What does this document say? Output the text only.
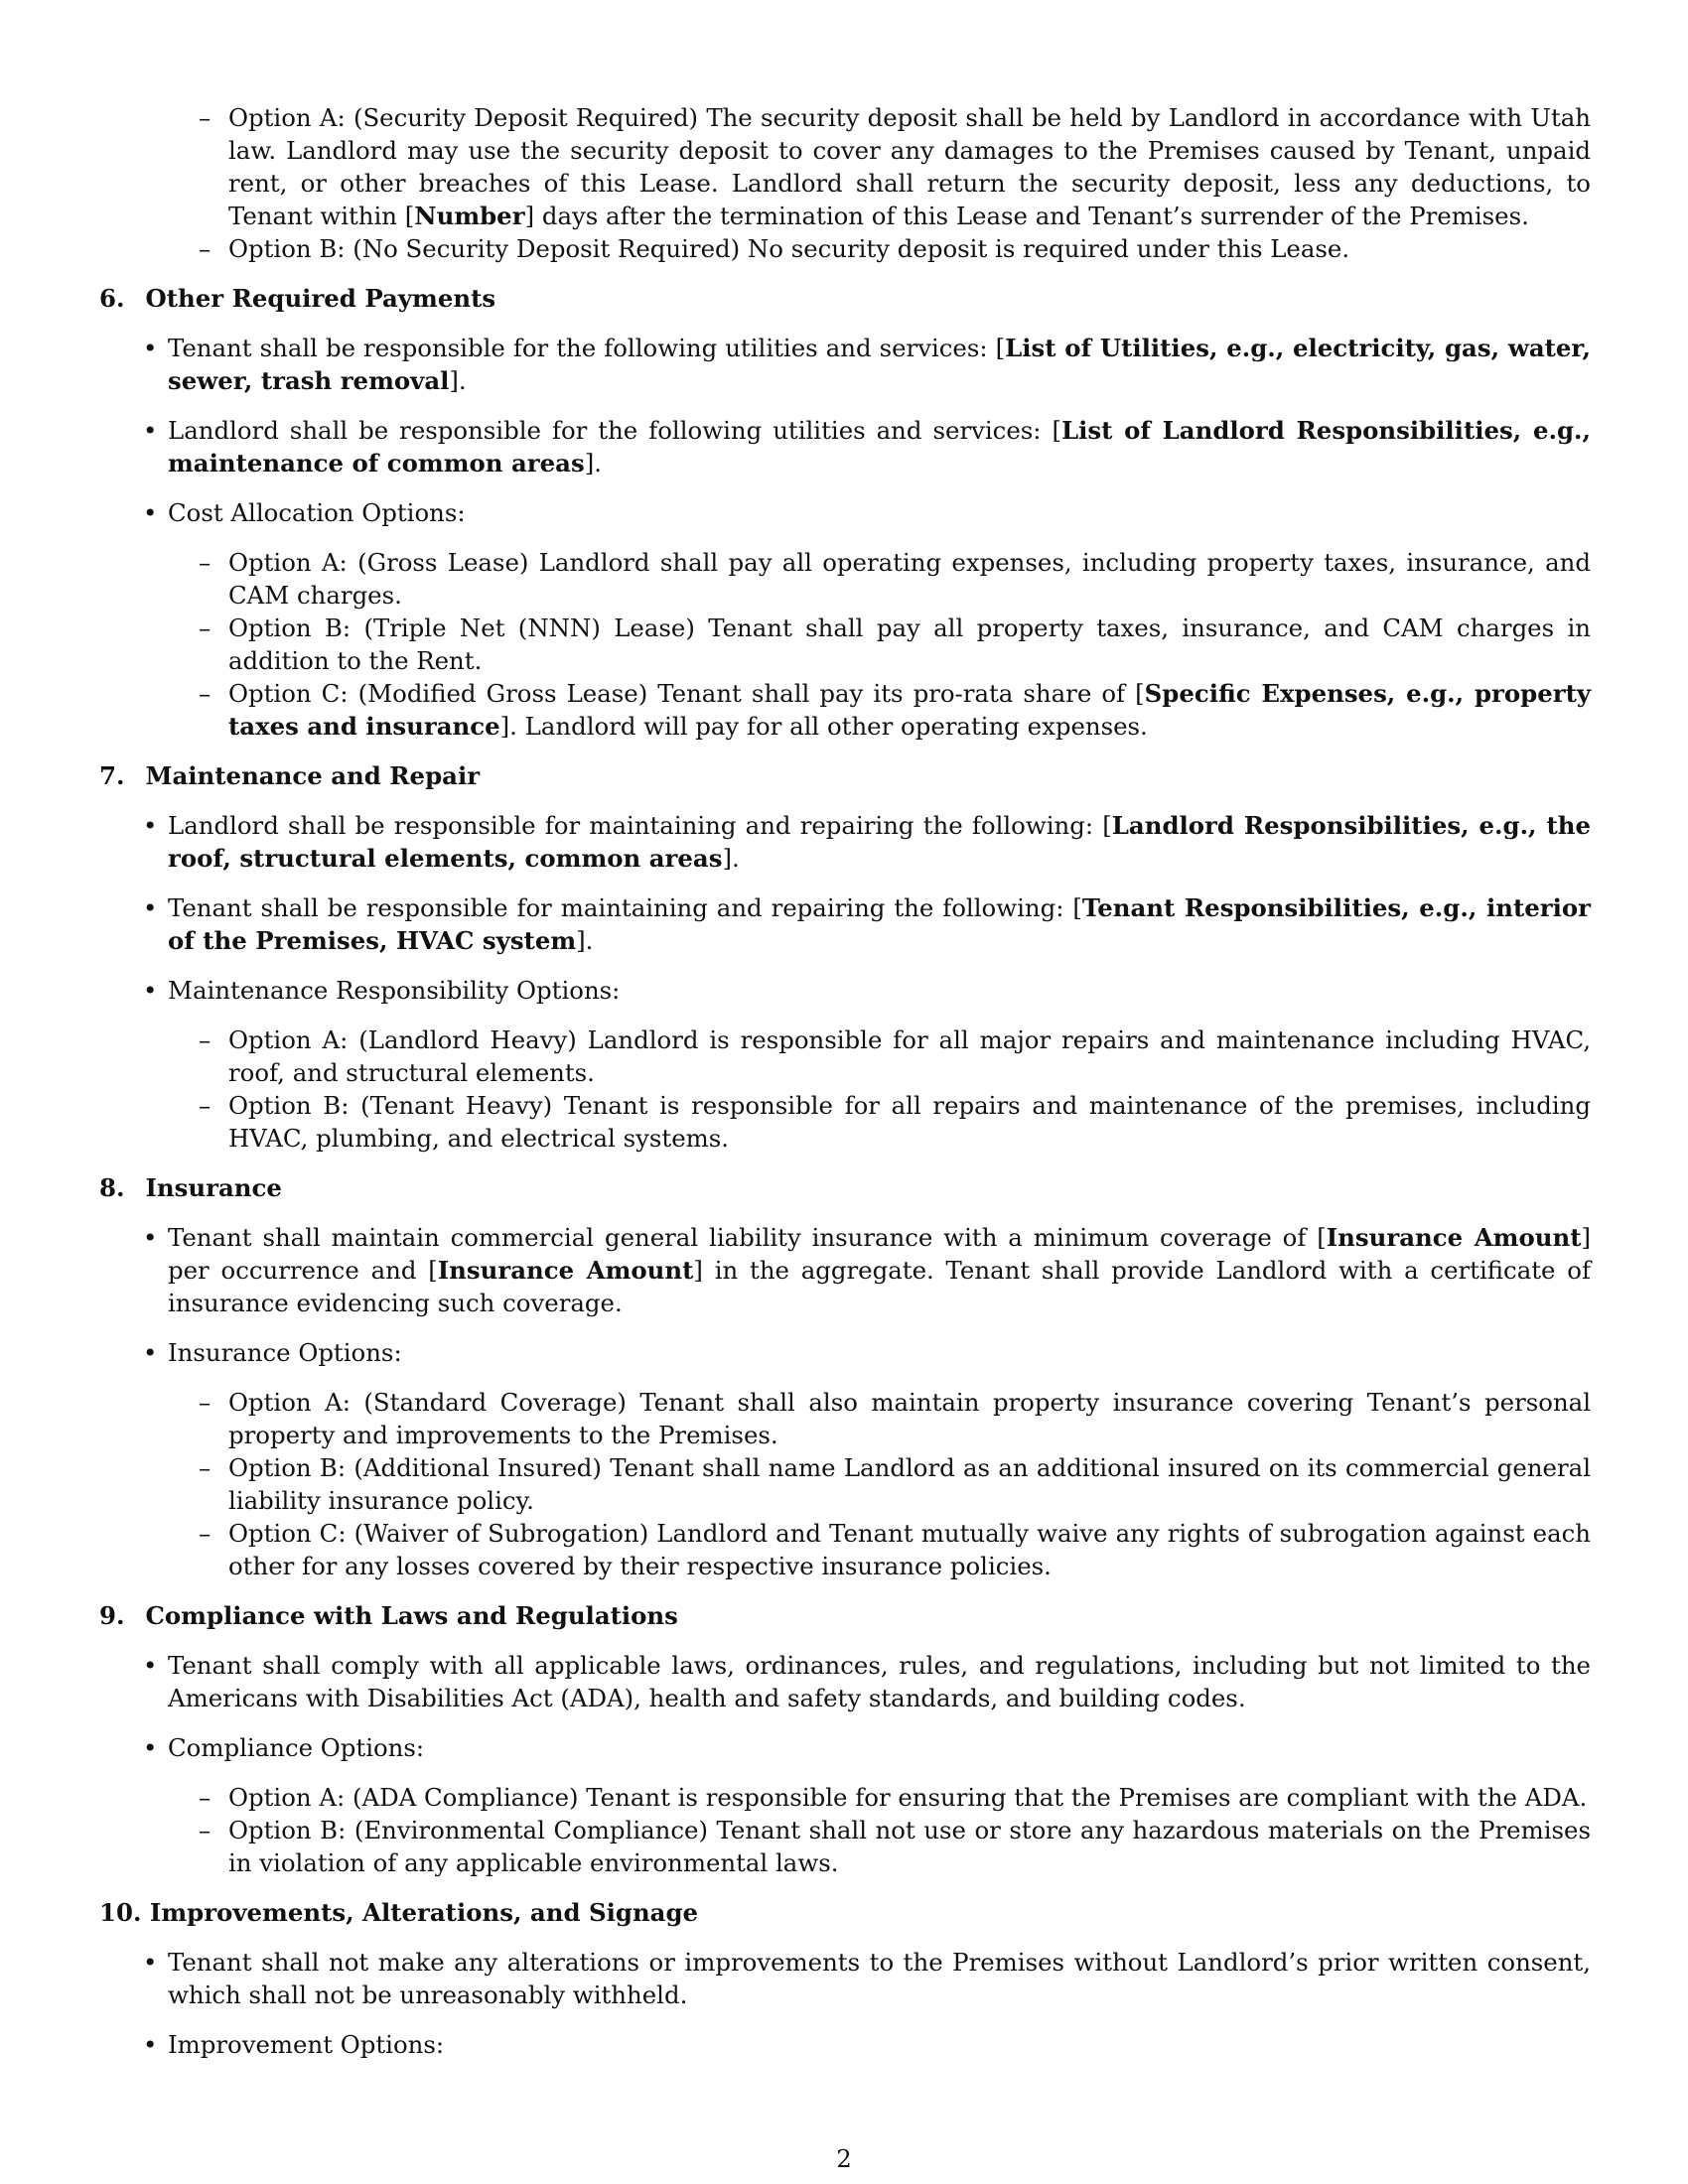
– Option A: (Security Deposit Required) The security deposit shall be held by Landlord in accordance with Utah law. Landlord may use the security deposit to cover any damages to the Premises caused by Tenant, unpaid rent, or other breaches of this Lease. Landlord shall return the security deposit, less any deductions, to Tenant within [Number] days after the termination of this Lease and Tenant’s surrender of the Premises.
– Option B: (No Security Deposit Required) No security deposit is required under this Lease.
6. Other Required Payments
• Tenant shall be responsible for the following utilities and services: [List of Utilities, e.g., electricity, gas, water, sewer, trash removal].
• Landlord shall be responsible for the following utilities and services: [List of Landlord Responsibilities, e.g., maintenance of common areas].
• Cost Allocation Options:
– Option A: (Gross Lease) Landlord shall pay all operating expenses, including property taxes, insurance, and CAM charges.
– Option B: (Triple Net (NNN) Lease) Tenant shall pay all property taxes, insurance, and CAM charges in addition to the Rent.
– Option C: (Modified Gross Lease) Tenant shall pay its pro-rata share of [Specific Expenses, e.g., property taxes and insurance]. Landlord will pay for all other operating expenses.
7. Maintenance and Repair
• Landlord shall be responsible for maintaining and repairing the following: [Landlord Responsibilities, e.g., the roof, structural elements, common areas].
• Tenant shall be responsible for maintaining and repairing the following: [Tenant Responsibilities, e.g., interior of the Premises, HVAC system].
• Maintenance Responsibility Options:
– Option A: (Landlord Heavy) Landlord is responsible for all major repairs and maintenance including HVAC, roof, and structural elements.
– Option B: (Tenant Heavy) Tenant is responsible for all repairs and maintenance of the premises, including HVAC, plumbing, and electrical systems.
8. Insurance
• Tenant shall maintain commercial general liability insurance with a minimum coverage of [Insurance Amount] per occurrence and [Insurance Amount] in the aggregate. Tenant shall provide Landlord with a certificate of insurance evidencing such coverage.
• Insurance Options:
– Option A: (Standard Coverage) Tenant shall also maintain property insurance covering Tenant’s personal property and improvements to the Premises.
– Option B: (Additional Insured) Tenant shall name Landlord as an additional insured on its commercial general liability insurance policy.
– Option C: (Waiver of Subrogation) Landlord and Tenant mutually waive any rights of subrogation against each other for any losses covered by their respective insurance policies.
9. Compliance with Laws and Regulations
• Tenant shall comply with all applicable laws, ordinances, rules, and regulations, including but not limited to the Americans with Disabilities Act (ADA), health and safety standards, and building codes.
• Compliance Options:
– Option A: (ADA Compliance) Tenant is responsible for ensuring that the Premises are compliant with the ADA.
– Option B: (Environmental Compliance) Tenant shall not use or store any hazardous materials on the Premises in violation of any applicable environmental laws.
10. Improvements, Alterations, and Signage
• Tenant shall not make any alterations or improvements to the Premises without Landlord’s prior written consent, which shall not be unreasonably withheld.
• Improvement Options:
2
